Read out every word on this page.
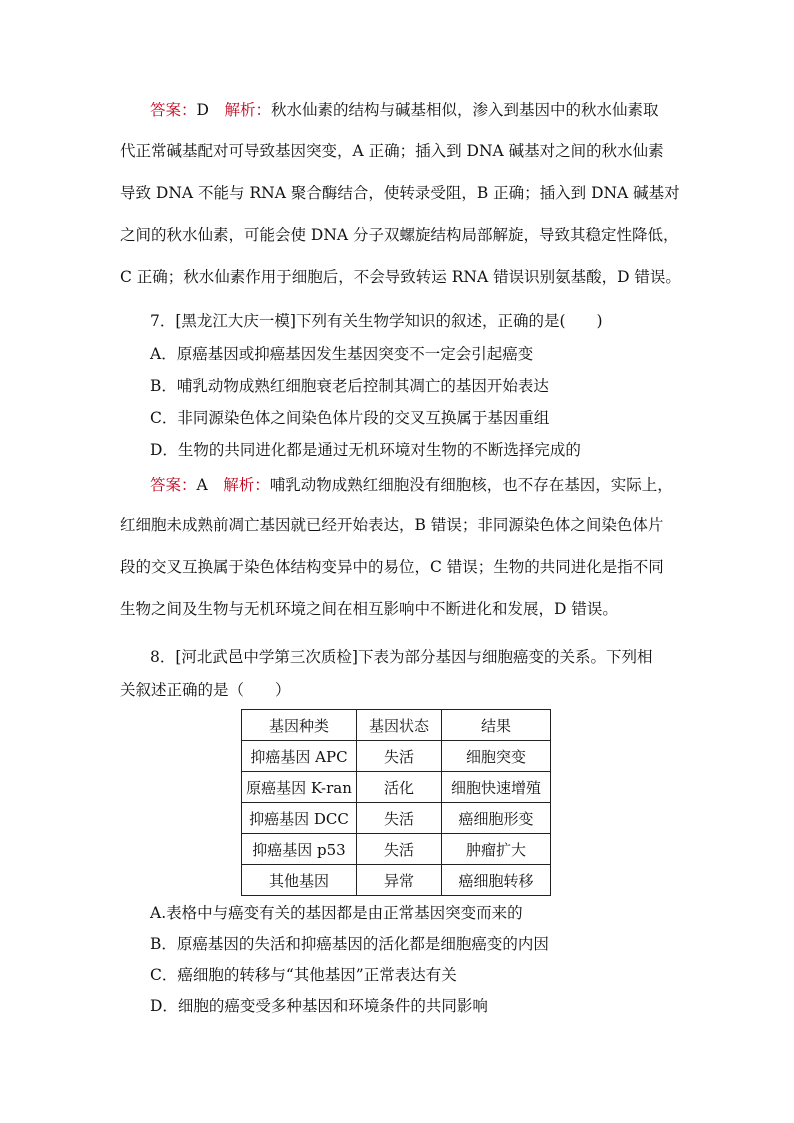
答案：D　 解析：秋水仙素的结构与碱基相似，渗入到基因中的秋水仙素取
代正常碱基配对可导致基因突变，A 正确；插入到 DNA 碱基对之间的秋水仙素
导致 DNA 不能与 RNA 聚合酶结合，使转录受阻，B 正确；插入到 DNA 碱基对
之间的秋水仙素，可能会使 DNA 分子双螺旋结构局部解旋，导致其稳定性降低，
C 正确；秋水仙素作用于细胞后，不会导致转运 RNA 错误识别氨基酸，D 错误。
7．[黑龙江大庆一模]下列有关生物学知识的叙述，正确的是(　　)
A．原癌基因或抑癌基因发生基因突变不一定会引起癌变
B．哺乳动物成熟红细胞衰老后控制其凋亡的基因开始表达
C．非同源染色体之间染色体片段的交叉互换属于基因重组
D．生物的共同进化都是通过无机环境对生物的不断选择完成的
答案：A　 解析：哺乳动物成熟红细胞没有细胞核，也不存在基因，实际上，
红细胞未成熟前凋亡基因就已经开始表达，B 错误；非同源染色体之间染色体片
段的交叉互换属于染色体结构变异中的易位，C 错误；生物的共同进化是指不同
生物之间及生物与无机环境之间在相互影响中不断进化和发展，D 错误。
8．[河北武邑中学第三次质检]下表为部分基因与细胞癌变的关系。下列相
关叙述正确的是（　　）
基因种类	基因状态	结果
抑癌基因 APC	失活	细胞突变
原癌基因 K-ran	活化	细胞快速增殖
抑癌基因 DCC	失活	癌细胞形变
抑癌基因 p53	失活	肿瘤扩大
其他基因	异常	癌细胞转移
A.表格中与癌变有关的基因都是由正常基因突变而来的
B．原癌基因的失活和抑癌基因的活化都是细胞癌变的内因
C．癌细胞的转移与“其他基因”正常表达有关
D．细胞的癌变受多种基因和环境条件的共同影响
